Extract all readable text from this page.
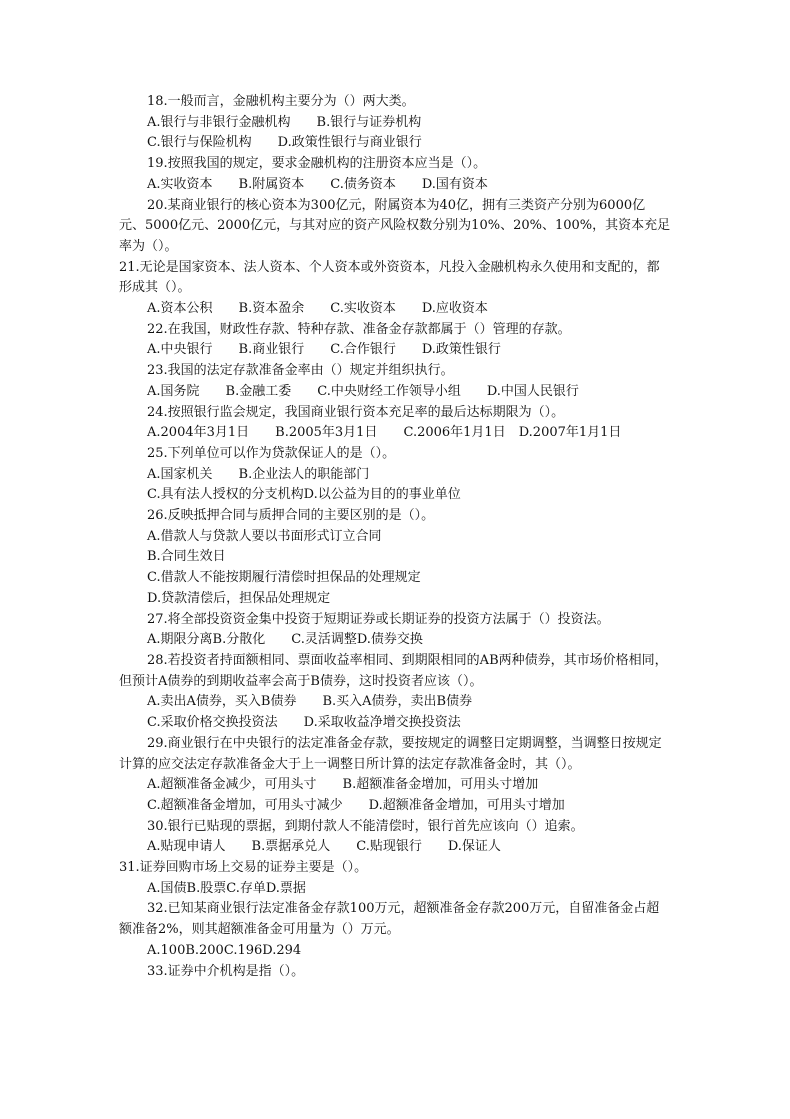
18.一般而言，金融机构主要分为（）两大类。
A.银行与非银行金融机构　　B.银行与证券机构
C.银行与保险机构　　D.政策性银行与商业银行
19.按照我国的规定，要求金融机构的注册资本应当是（）。
A.实收资本　　B.附属资本　　C.债务资本　　D.国有资本
20.某商业银行的核心资本为300亿元，附属资本为40亿，拥有三类资产分别为6000亿元、5000亿元、2000亿元，与其对应的资产风险权数分别为10%、20%、100%，其资本充足率为（）。
21.无论是国家资本、法人资本、个人资本或外资资本，凡投入金融机构永久使用和支配的，都形成其（）。
A.资本公积　　B.资本盈余　　C.实收资本　　D.应收资本
22.在我国，财政性存款、特种存款、准备金存款都属于（）管理的存款。
A.中央银行　　B.商业银行　　C.合作银行　　D.政策性银行
23.我国的法定存款准备金率由（）规定并组织执行。
A.国务院　　B.金融工委　　C.中央财经工作领导小组　　D.中国人民银行
24.按照银行监会规定，我国商业银行资本充足率的最后达标期限为（）。
A.2004年3月1日　　B.2005年3月1日　　C.2006年1月1日　D.2007年1月1日
25.下列单位可以作为贷款保证人的是（）。
A.国家机关　　B.企业法人的职能部门
C.具有法人授权的分支机构D.以公益为目的的事业单位
26.反映抵押合同与质押合同的主要区别的是（）。
A.借款人与贷款人要以书面形式订立合同
B.合同生效日
C.借款人不能按期履行清偿时担保品的处理规定
D.贷款清偿后，担保品处理规定
27.将全部投资资金集中投资于短期证券或长期证券的投资方法属于（）投资法。
A.期限分离B.分散化　　C.灵活调整D.债券交换
28.若投资者持面额相同、票面收益率相同、到期限相同的AB两种债券，其市场价格相同，但预计A债券的到期收益率会高于B债券，这时投资者应该（）。
A.卖出A债券，买入B债券　　B.买入A债券，卖出B债券
C.采取价格交换投资法　　D.采取收益净增交换投资法
29.商业银行在中央银行的法定准备金存款，要按规定的调整日定期调整，当调整日按规定计算的应交法定存款准备金大于上一调整日所计算的法定存款准备金时，其（）。
A.超额准备金减少，可用头寸　　B.超额准备金增加，可用头寸增加
C.超额准备金增加，可用头寸减少　　D.超额准备金增加，可用头寸增加
30.银行已贴现的票据，到期付款人不能清偿时，银行首先应该向（）追索。
A.贴现申请人　　B.票据承兑人　　C.贴现银行　　D.保证人
31.证券回购市场上交易的证券主要是（）。
A.国债B.股票C.存单D.票据
32.已知某商业银行法定准备金存款100万元，超额准备金存款200万元，自留准备金占超额准备2%，则其超额准备金可用量为（）万元。
A.100B.200C.196D.294
33.证券中介机构是指（）。
